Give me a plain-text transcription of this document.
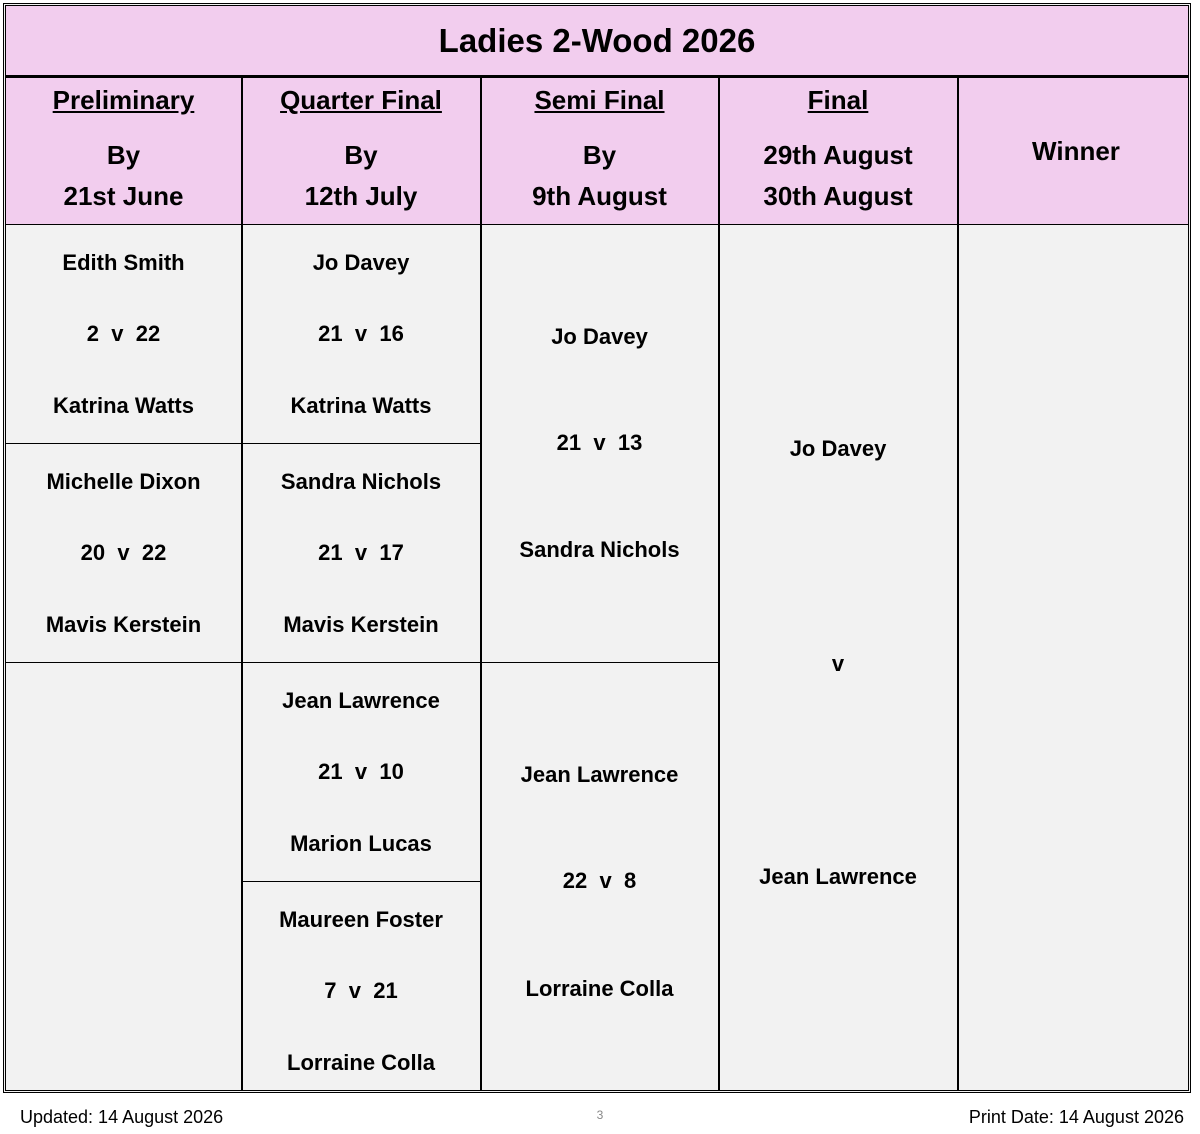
Ladies 2-Wood 2026
Preliminary
By
21st June
Quarter Final
By
12th July
Semi Final
By
9th August
Final
29th August
30th August
Winner
Edith Smith
2  v  22
Katrina Watts
Michelle Dixon
20  v  22
Mavis Kerstein
Jo Davey
21  v  16
Katrina Watts
Sandra Nichols
21  v  17
Mavis Kerstein
Jean Lawrence
21  v  10
Marion Lucas
Maureen Foster
7  v  21
Lorraine Colla
Jo Davey
21  v  13
Sandra Nichols
Jean Lawrence
22  v  8
Lorraine Colla
Jo Davey
v
Jean Lawrence
Updated: 14 August 2026	3	Print Date: 14 August 2026
